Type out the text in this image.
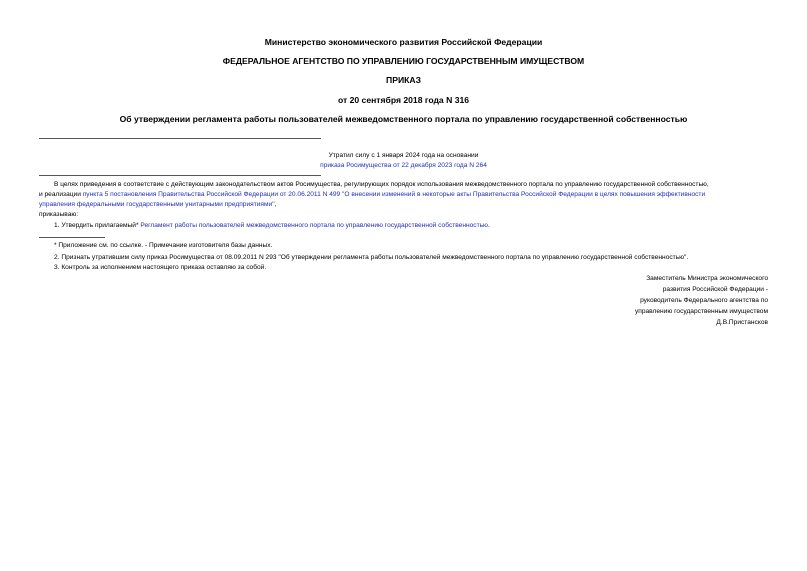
Министерство экономического развития Российской Федерации
ФЕДЕРАЛЬНОЕ АГЕНТСТВО ПО УПРАВЛЕНИЮ ГОСУДАРСТВЕННЫМ ИМУЩЕСТВОМ
ПРИКАЗ
от 20 сентября 2018 года N 316
Об утверждении регламента работы пользователей межведомственного портала по управлению государственной собственностью
Утратил силу с 1 января 2024 года на основании
приказа Росимущества от 22 декабря 2023 года N 264
В целях приведения в соответствие с действующим законодательством актов Росимущества, регулирующих порядок использования межведомственного портала по управлению государственной собственностью,
и реализации пункта 5 постановления Правительства Российской Федерации от 20.06.2011 N 499 "О внесении изменений в некоторые акты Правительства Российской Федерации в целях повышения эффективности
управления федеральными государственными унитарными предприятиями",
приказываю:
1. Утвердить прилагаемый* Регламент работы пользователей межведомственного портала по управлению государственной собственностью.
* Приложение см. по ссылке. - Примечание изготовителя базы данных.
2. Признать утратившим силу приказ Росимущества от 08.09.2011 N 293 "Об утверждении регламента работы пользователей межведомственного портала по управлению государственной собственностью".
3. Контроль за исполнением настоящего приказа оставляю за собой.
Заместитель Министра экономического
развития Российской Федерации -
руководитель Федерального агентства по
управлению государственным имуществом
Д.В.Пристансков
